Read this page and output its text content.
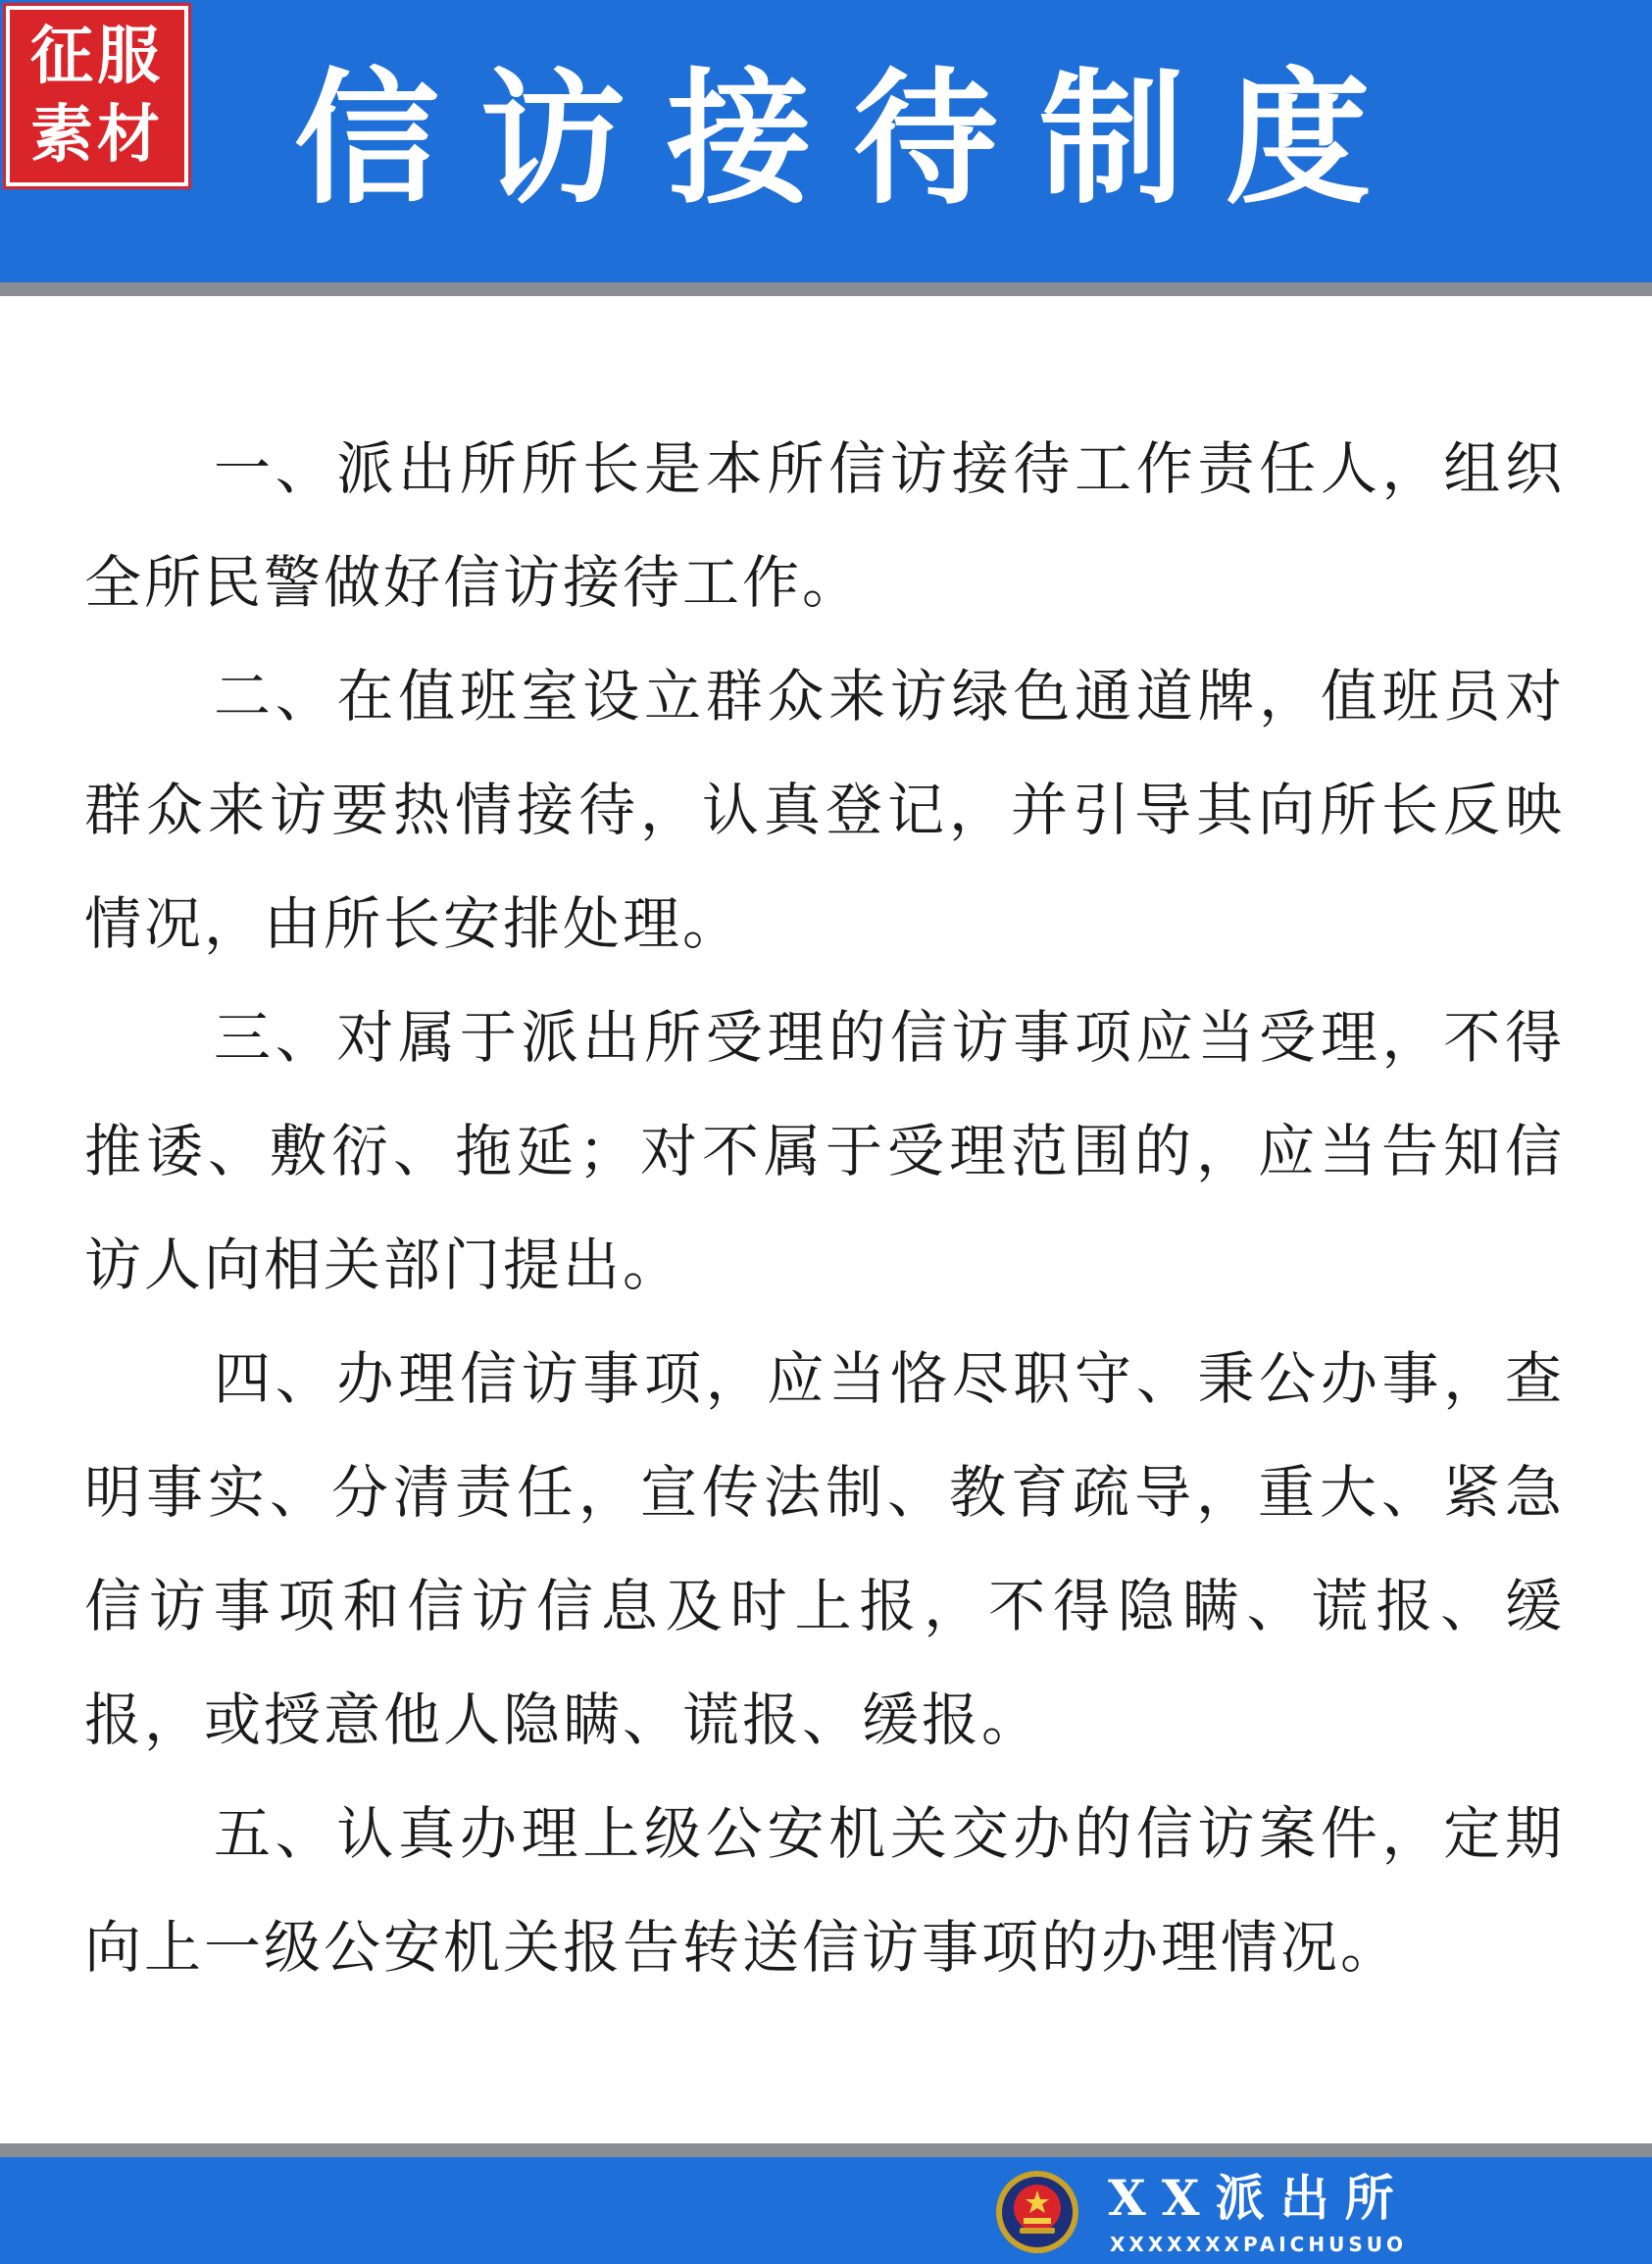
征服
素材 信访接待制度

一、派出所所长是本所信访接待工作责任人，组织全所民警做好信访接待工作。

二、在值班室设立群众来访绿色通道牌，值班员对群众来访要热情接待，认真登记，并引导其向所长反映情况，由所长安排处理。

三、对属于派出所受理的信访事项应当受理，不得推诿、敷衍、拖延；对不属于受理范围的，应当告知信访人向相关部门提出。

四、办理信访事项，应当恪尽职守、秉公办事，查明事实、分清责任，宣传法制、教育疏导，重大、紧急信访事项和信访信息及时上报，不得隐瞒、谎报、缓报，或授意他人隐瞒、谎报、缓报。

五、认真办理上级公安机关交办的信访案件，定期向上一级公安机关报告转送信访事项的办理情况。

XX派出所
XXXXXXXPAICHUSUO
